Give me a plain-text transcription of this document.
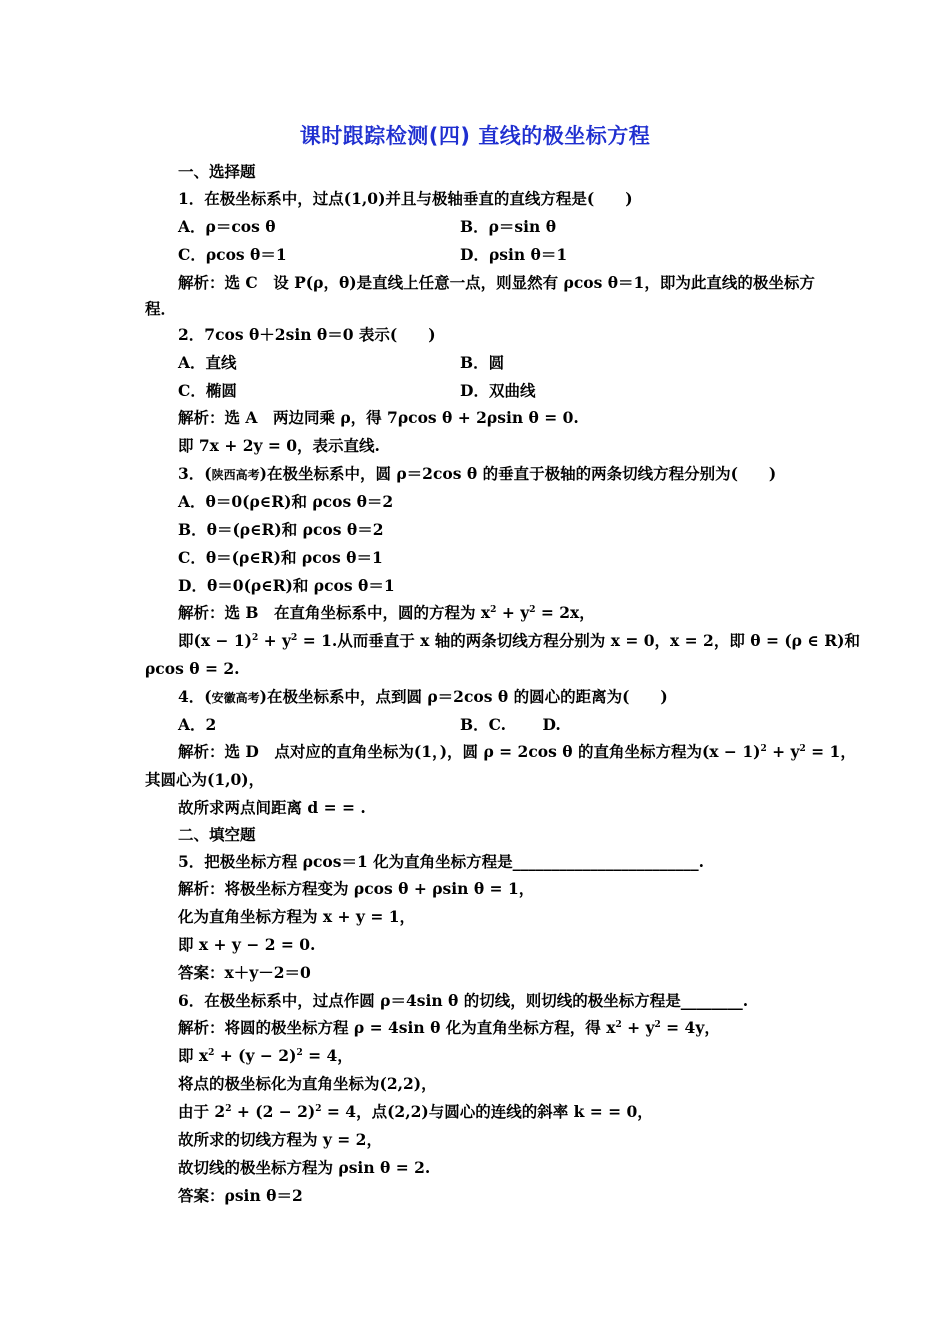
课时跟踪检测(四) 直线的极坐标方程
一、选择题
1．在极坐标系中，过点(1,0)并且与极轴垂直的直线方程是(　　)
A．ρ＝cos θ	B．ρ＝sin θ
C．ρcos θ＝1	D．ρsin θ＝1
解析：选 C　设 P(ρ，θ)是直线上任意一点，则显然有 ρcos θ＝1，即为此直线的极坐标方
程．
2．7cos θ＋2sin θ＝0 表示(　　)
A．直线	B．圆
C．椭圆	D．双曲线
解析：选 A　两边同乘 ρ，得 7ρcos θ + 2ρsin θ = 0.
即 7x + 2y = 0，表示直线.
3．(陕西高考)在极坐标系中，圆 ρ＝2cos θ 的垂直于极轴的两条切线方程分别为(　　)
A．θ＝0(ρ∈R)和 ρcos θ＝2
B．θ＝(ρ∈R)和 ρcos θ＝2
C．θ＝(ρ∈R)和 ρcos θ＝1
D．θ＝0(ρ∈R)和 ρcos θ＝1
解析：选 B　在直角坐标系中，圆的方程为 $x^2 + y^2 = 2x$，
即$(x - 1)^2 + y^2 = 1$.从而垂直于 x 轴的两条切线方程分别为 x = 0，x = 2，即 θ = (ρ ∈ R)和
ρcos θ = 2.
4．(安徽高考)在极坐标系中，点到圆 ρ＝2cos θ 的圆心的距离为(　　)
A．2	B．C.　　 D.
解析：选 D　点对应的直角坐标为(1，)，圆 ρ = 2cos θ 的直角坐标方程为$(x - 1)^2 + y^2 = 1$，
其圆心为(1,0)，
故所求两点间距离 d = = .
二、填空题
5．把极坐标方程 ρcos＝1 化为直角坐标方程是________________________.
解析：将极坐标方程变为 ρcos θ + ρsin θ = 1，
化为直角坐标方程为 x + y = 1，
即 x + y − 2 = 0.
答案：x＋y－2＝0
6．在极坐标系中，过点作圆 ρ＝4sin θ 的切线，则切线的极坐标方程是________.
解析：将圆的极坐标方程 ρ = 4sin θ 化为直角坐标方程，得 $x^2 + y^2 = 4y$，
即 $x^2 + (y - 2)^2 = 4$，
将点的极坐标化为直角坐标为(2,2)，
由于 $2^2 + (2 - 2)^2 = 4$，点(2,2)与圆心的连线的斜率 k = = 0，
故所求的切线方程为 y = 2，
故切线的极坐标方程为 ρsin θ = 2.
答案：ρsin θ＝2
